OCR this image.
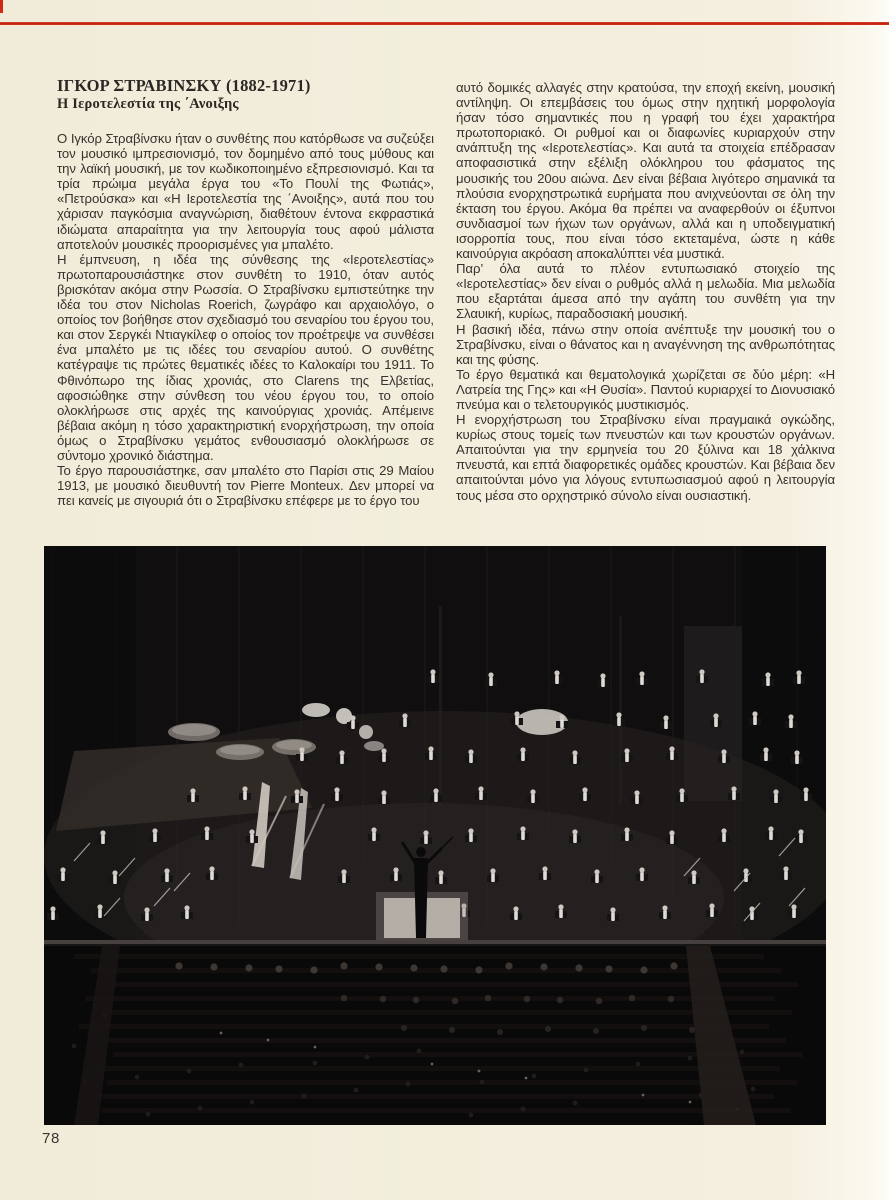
ΙΓΚΟΡ ΣΤΡΑΒΙΝΣΚΥ (1882-1971)
Η Ιεροτελεστία της ΄Ανοιξης

Ο Ιγκόρ Στραβίνσκυ ήταν ο συνθέτης που κατόρθωσε να συζεύξει τον μουσικό ιμπρεσιονισμό, τον δομημένο από τους μύθους και την λαϊκή μουσική, με τον κωδικοποιημένο εξπρεσιονισμό. Και τα τρία πρώιμα μεγάλα έργα του «Το Πουλί της Φωτιάς», «Πετρούσκα» και «Η Ιεροτελεστία της ΄Ανοιξης», αυτά που του χάρισαν παγκόσμια αναγνώριση, διαθέτουν έντονα εκφραστικά ιδιώματα απαραίτητα για την λειτουργία τους αφού μάλιστα αποτελούν μουσικές προορισμένες για μπαλέτο.

Η έμπνευση, η ιδέα της σύνθεσης της «Ιεροτελεστίας» πρωτοπαρουσιάστηκε στον συνθέτη το 1910, όταν αυτός βρισκόταν ακόμα στην Ρωσσία. Ο Στραβίνσκυ εμπιστεύτηκε την ιδέα του στον Nicholas Roerich, ζωγράφο και αρχαιολόγο, ο οποίος τον βοήθησε στον σχεδιασμό του σεναρίου του έργου του, και στον Σεργκέι Ντιαγκίλεφ ο οποίος τον προέτρεψε να συνθέσει ένα μπαλέτο με τις ιδέες του σεναρίου αυτού. Ο συνθέτης κατέγραψε τις πρώτες θεματικές ιδέες το Καλοκαίρι του 1911. Το Φθινόπωρο της ίδιας χρονιάς, στο Clarens της Ελβετίας, αφοσιώθηκε στην σύνθεση του νέου έργου του, το οποίο ολοκλήρωσε στις αρχές της καινούργιας χρονιάς. Απέμεινε βέβαια ακόμη η τόσο χαρακτηριστική ενορχήστρωση, την οποία όμως ο Στραβίνσκυ γεμάτος ενθουσιασμό ολοκλήρωσε σε σύντομο χρονικό διάστημα.

Το έργο παρουσιάστηκε, σαν μπαλέτο στο Παρίσι στις 29 Μαίου 1913, με μουσικό διευθυντή τον Pierre Monteux. Δεν μπορεί να πει κανείς με σιγουριά ότι ο Στραβίνσκυ επέφερε με το έργο του

αυτό δομικές αλλαγές στην κρατούσα, την εποχή εκείνη, μουσική αντίληψη. Οι επεμβάσεις του όμως στην ηχητική μορφολογία ήσαν τόσο σημαντικές που η γραφή του έχει χαρακτήρα πρωτοποριακό. Οι ρυθμοί και οι διαφωνίες κυριαρχούν στην ανάπτυξη της «Ιεροτελεστίας». Και αυτά τα στοιχεία επέδρασαν αποφασιστικά στην εξέλιξη ολόκληρου του φάσματος της μουσικής του 20ου αιώνα. Δεν είναι βέβαια λιγότερο σημανικά τα πλούσια ενορχηστρωτικά ευρήματα που ανιχνεύονται σε όλη την έκταση του έργου. Ακόμα θα πρέπει να αναφερθούν οι έξυπνοι συνδιασμοί των ήχων των οργάνων, αλλά και η υποδειγματική ισορροπία τους, που είναι τόσο εκτεταμένα, ώστε η κάθε καινούργια ακρόαση αποκαλύπτει νέα μυστικά.

Παρ’ όλα αυτά το πλέον εντυπωσιακό στοιχείο της «Ιεροτελεστίας» δεν είναι ο ρυθμός αλλά η μελωδία. Μια μελωδία που εξαρτάται άμεσα από την αγάπη του συνθέτη για την Σλαυική, κυρίως, παραδοσιακή μουσική.

Η βασική ιδέα, πάνω στην οποία ανέπτυξε την μουσική του ο Στραβίνσκυ, είναι ο θάνατος και η αναγέννηση της ανθρωπότητας και της φύσης.

Το έργο θεματικά και θεματολογικά χωρίζεται σε δύο μέρη: «Η Λατρεία της Γης» και «Η Θυσία». Παντού κυριαρχεί το Διονυσιακό πνεύμα και ο τελετουργικός μυστικισμός.

Η ενορχήστρωση του Στραβίνσκυ είναι πραγμαικά ογκώδης, κυρίως στους τομείς των πνευστών και των κρουστών οργάνων. Απαιτούνται για την ερμηνεία του 20 ξύλινα και 18 χάλκινα πνευστά, και επτά διαφορετικές ομάδες κρουστών. Και βέβαια δεν απαιτούνται μόνο για λόγους εντυπωσιασμού αφού η λειτουργία τους μέσα στο ορχηστρικό σύνολο είναι ουσιαστική.

78
